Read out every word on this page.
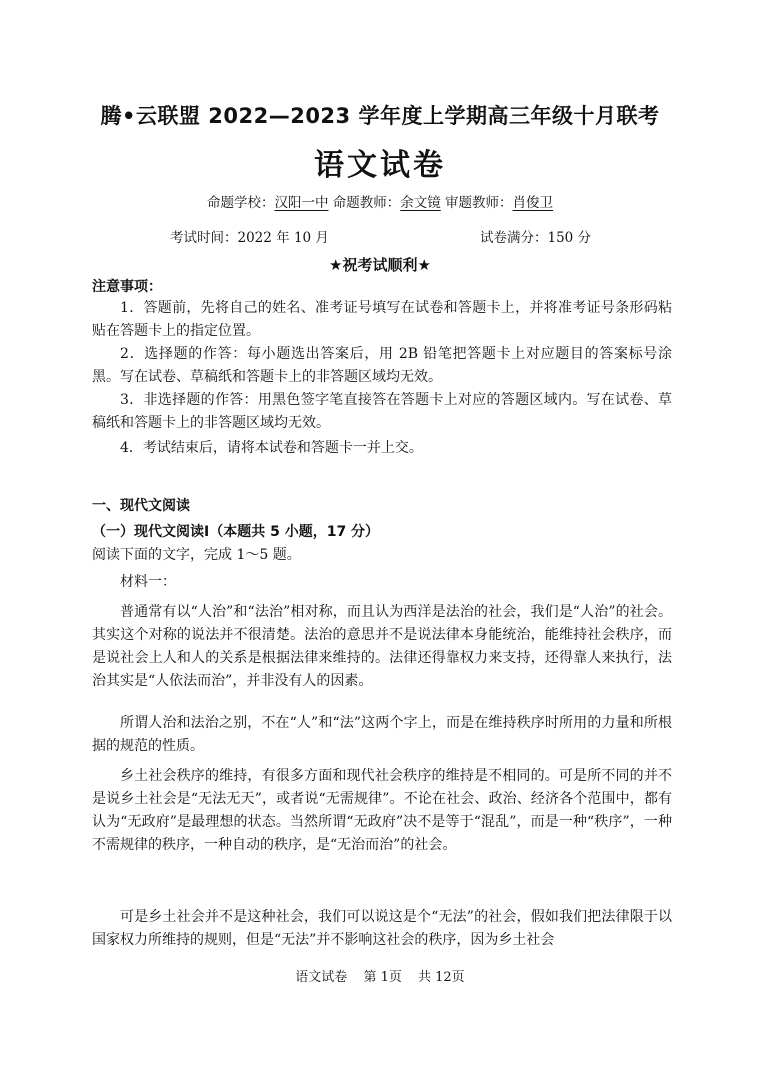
腾•云联盟 2022—2023 学年度上学期高三年级十月联考
语文试卷
命题学校：汉阳一中 命题教师：余文镜 审题教师：肖俊卫
考试时间：2022 年 10 月	试卷满分：150 分
★祝考试顺利★
注意事项：

1．答题前，先将自己的姓名、准考证号填写在试卷和答题卡上，并将准考证号条形码粘贴在答题卡上的指定位置。

2．选择题的作答：每小题选出答案后，用 2B 铅笔把答题卡上对应题目的答案标号涂黑。写在试卷、草稿纸和答题卡上的非答题区域均无效。

3．非选择题的作答：用黑色签字笔直接答在答题卡上对应的答题区域内。写在试卷、草稿纸和答题卡上的非答题区域均无效。

4．考试结束后，请将本试卷和答题卡一并上交。

一、现代文阅读
（一）现代文阅读Ⅰ（本题共 5 小题，17 分）

阅读下面的文字，完成 1～5 题。

材料一：

普通常有以“人治”和“法治”相对称，而且认为西洋是法治的社会，我们是“人治”的社会。其实这个对称的说法并不很清楚。法治的意思并不是说法律本身能统治，能维持社会秩序，而是说社会上人和人的关系是根据法律来维持的。法律还得靠权力来支持，还得靠人来执行，法治其实是“人依法而治”，并非没有人的因素。

所谓人治和法治之别，不在“人”和“法”这两个字上，而是在维持秩序时所用的力量和所根据的规范的性质。

乡土社会秩序的维持，有很多方面和现代社会秩序的维持是不相同的。可是所不同的并不是说乡土社会是“无法无天”，或者说“无需规律”。不论在社会、政治、经济各个范围中，都有认为“无政府”是最理想的状态。当然所谓“无政府”决不是等于“混乱”，而是一种“秩序”，一种不需规律的秩序，一种自动的秩序，是“无治而治”的社会。

可是乡土社会并不是这种社会，我们可以说这是个“无法”的社会，假如我们把法律限于以国家权力所维持的规则，但是“无法”并不影响这社会的秩序，因为乡土社会

语文试卷 第 1页 共 12页
